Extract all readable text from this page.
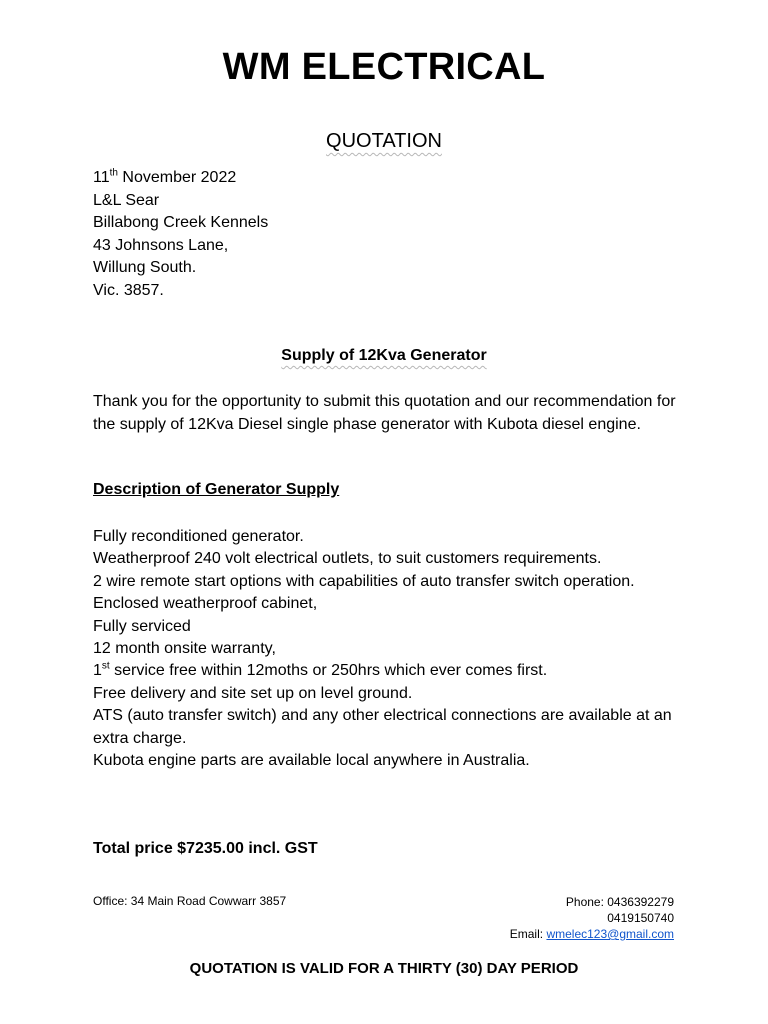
WM ELECTRICAL
QUOTATION
11th November 2022
L&L Sear
Billabong Creek Kennels
43 Johnsons Lane,
Willung South.
Vic. 3857.
Supply of 12Kva Generator
Thank you for the opportunity to submit this quotation and our recommendation for the supply of 12Kva Diesel single phase generator with Kubota diesel engine.
Description of Generator Supply
Fully reconditioned generator.
Weatherproof 240 volt electrical outlets, to suit customers requirements.
2 wire remote start options with capabilities of auto transfer switch operation.
Enclosed weatherproof cabinet,
Fully serviced
12 month onsite warranty,
1st service free within 12moths or 250hrs which ever comes first.
Free delivery and site set up on level ground.
ATS (auto transfer switch) and any other electrical connections are available at an extra charge.
Kubota engine parts are available local anywhere in Australia.
Total price $7235.00 incl. GST
Office: 34 Main Road Cowwarr 3857	Phone: 0436392279
0419150740
Email: wmelec123@gmail.com
QUOTATION IS VALID FOR A THIRTY (30) DAY PERIOD
